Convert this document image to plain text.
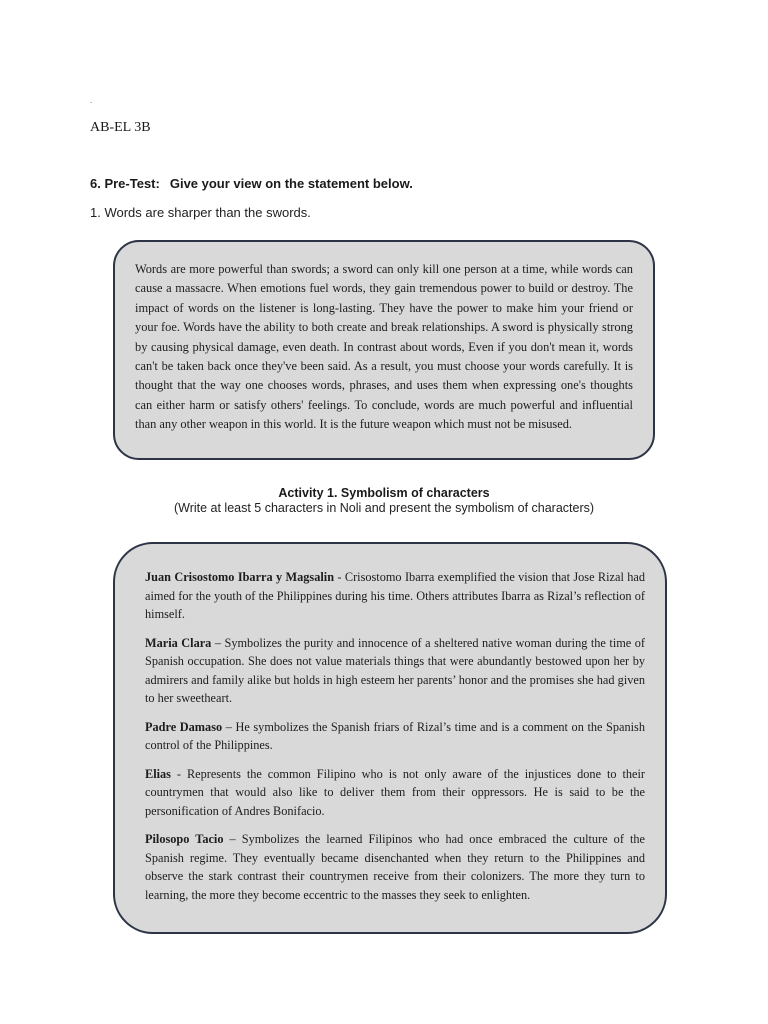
.
AB-EL 3B
6. Pre-Test: Give your view on the statement below.
1. Words are sharper than the swords.

Words are more powerful than swords; a sword can only kill one person at a time, while words can cause a massacre. When emotions fuel words, they gain tremendous power to build or destroy. The impact of words on the listener is long-lasting. They have the power to make him your friend or your foe. Words have the ability to both create and break relationships. A sword is physically strong by causing physical damage, even death. In contrast about words, Even if you don't mean it, words can't be taken back once they've been said. As a result, you must choose your words carefully. It is thought that the way one chooses words, phrases, and uses them when expressing one's thoughts can either harm or satisfy others' feelings. To conclude, words are much powerful and influential than any other weapon in this world. It is the future weapon which must not be misused.

Activity 1. Symbolism of characters
(Write at least 5 characters in Noli and present the symbolism of characters)

Juan Crisostomo Ibarra y Magsalin - Crisostomo Ibarra exemplified the vision that Jose Rizal had aimed for the youth of the Philippines during his time. Others attributes Ibarra as Rizal’s reflection of himself.

Maria Clara – Symbolizes the purity and innocence of a sheltered native woman during the time of Spanish occupation. She does not value materials things that were abundantly bestowed upon her by admirers and family alike but holds in high esteem her parents’ honor and the promises she had given to her sweetheart.

Padre Damaso – He symbolizes the Spanish friars of Rizal’s time and is a comment on the Spanish control of the Philippines.

Elias - Represents the common Filipino who is not only aware of the injustices done to their countrymen that would also like to deliver them from their oppressors. He is said to be the personification of Andres Bonifacio.

Pilosopo Tacio – Symbolizes the learned Filipinos who had once embraced the culture of the Spanish regime. They eventually became disenchanted when they return to the Philippines and observe the stark contrast their countrymen receive from their colonizers. The more they turn to learning, the more they become eccentric to the masses they seek to enlighten.
